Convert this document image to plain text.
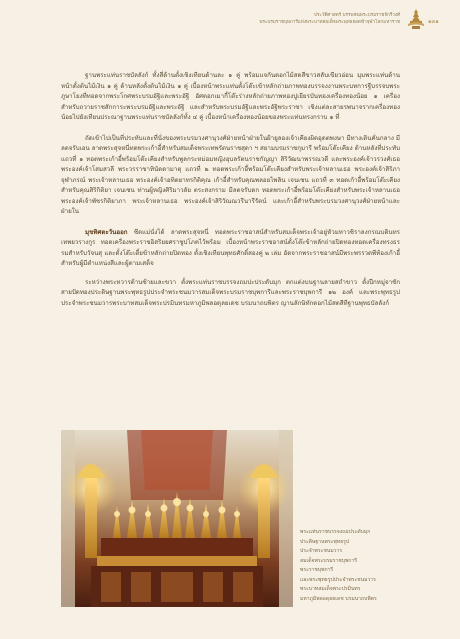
ประวัติศาสตร์ บรรพชนพระบรมราชจักรีวงศ์
พระบรมราชบุพการีแห่งพระบาทสมเด็จพระพุทธยอดฟ้าจุฬาโลกมหาราช	๑๓๑

ฐานพระแท่นราชบัลลังก์ ทั้งสี่ด้านตั้งเชิงเทียนด้านละ ๑ คู่ พร้อมแจกันดอกไม้สดสีขาวสลับเขียวอ่อน มุมพระแท่นด้านหน้าตั้งต้นไม้เงิน ๑ คู่ ด้านหลังตั้งต้นไม้เงิน ๑ คู่ เบื้องหน้าพระแท่นตั้งโต๊ะเข้าหลักถ่ายภาพทองบรรจงงานพระบทการฐีบรรจบพระภูษาโยงที่ทอดจากพระโกศพระบรมอัฐิและพระอัฐิ อัศดอกเมากี้โต๊ะร่างหลักถ่ายภาพทองปูเยียรบันทองเครื่องทองน้อย ๑ เครื่อง สำหรับถวายราชสักการะพระบรมอัฐิและพระอัฐิ และสำหรับพระบรมอัฐิและพระอัฐิพระราชา เชิงแต่ละสายรพนาจรากเครื่องทองน้อยไปยังเทียนประณาฐานพระแท่นราชบัลลังก์ทั้ง ๔ คู่ เบื้องหน้าเครื่องทองน้อยของพระแท่นทรงกราบ ๑ ที่

ถัดเข้าไปเป็นที่ประทับและที่นั่งของพระบรมวงศานุวงศ์ฝ่ายหน้าฝ่ายในฝ้ายูลองเจ้าเคียงผิดอุดตพงษา มีทางเดินคั่นกลาง มีลดจรับเอน ลาดพระสุจหนี่ทดพระเก้าอี้สำหรับสมเด็จพระเทพรัตนราชสุดา ฯ สยามบรมราชกุมารี พร้อมโต๊ะเคียง ด้านหลังที่ประทับ แถวที่ ๑ ทอดพระเก้าอี้พร้อมโต๊ะเคียงสำหรับพูลกระหม่อมหญิงอุบลรัตนราชกัญญา สิริวัฒนาพรรณวดี และพระองค์เจ้าวรวงศ์เธอ พระองค์เจ้าโสมสวลี พระวรราชาทินัดดามาตุ แถวที่ ๒ ทอดพระเก้าอี้พร้อมโต๊ะเคียงสำหรับพระเจ้าหลานเธอ พระองค์เจ้าสิริภาจุฬาภรณ์ พระเจ้าหลานเธอ พระองค์เจ้าอทิตยาทรกิติคุณ เก้าอี้สำหรับคุณพลอยไพลิน เจนเซน แถวที่ ๓ ทอดเก้าอี้พร้อมโต๊ะเคียงสำหรับคุณสิริกิติยา เจนเซน ท่านผู้หญิงศิริมาวลัย ตระสงกราม มีลดจรับดก ทอดพระเก้าอี้พร้อมโต๊ะเคียงสำหรับพระเจ้าหลานเธอ พระองค์เจ้าพัชรกิติยาภา พระเจ้าหลานเธอ พระองค์เจ้าสิริวัณณวรีนารีรัตน์ และเก้าอี้สำหรับพระบรมวงศานุวงศ์ฝ่ายหน้าและฝ่ายใน

มุขทิศตะวันออก ซีดแม่นั่งได้ ลาดพระสุจหนี่ ทอดพระราชอาสน์สำหรับสมเด็จพระเจ้าอยู่หัวมหาวชิราลงกรณบดินทรเทพยวรางกูร ทอดเครื่องพระราชอิสริยยศราชูปโภคไว้พร้อม เบื้องหน้าพระราชอาสน์ตั้งโต๊ะข้าหลักถ่ายปิดทองทอดเครื่องทรงธรรมสำหรับวัจนสุ และตั้งโต๊ะเตี้ยข้าหลักถ่ายปิดทอง ตั้งเชิงเทียนพุทธศักดิ์สองคู่ ๒ เล่ม อัดจากพระราชอาสน์มีพระพรรวดพีท้องเก้าอี้สำหรับผู้มีตำแหน่งสีและผู้ตามเสด็จ

ระหว่างพระทวารด้านซ้ายและขวา ตั้งพระแท่นราชบรรจงถมปะประดับมุก ตกแต่งบนฐานลายสถำขาว ตั้งปีกหมู่จาชักสายปัดทองประดิษฐานพระพุทธรูปประจำพระชนมวารสมเด็จพระบรมราชบุพการีและพระราชบุพการี ๑๒ องค์ และพระพุทธรูปประจำพระชนมวารพระบาทสมเด็จพระปรมินทรมหาภูมิพลอดุลยเดช บรมนาถบพิตร ญานลักษิทักดอกไม้สดสีทีฐานพุทธบัลลังก์

พระแท่นราชบรรจงถมประดับมุก
ประดิษฐานพระพุทธรูป
ประจำพระชนมวาร
สมเด็จพระบรมราชบุพการี
พระราชบุพการี
และพระพุทธรูปประจำพระชนมวาร
พระบาทสมเด็จพระปรมินทร
มหาภูมิพลอดุลยเดช บรมนาถบพิตร
